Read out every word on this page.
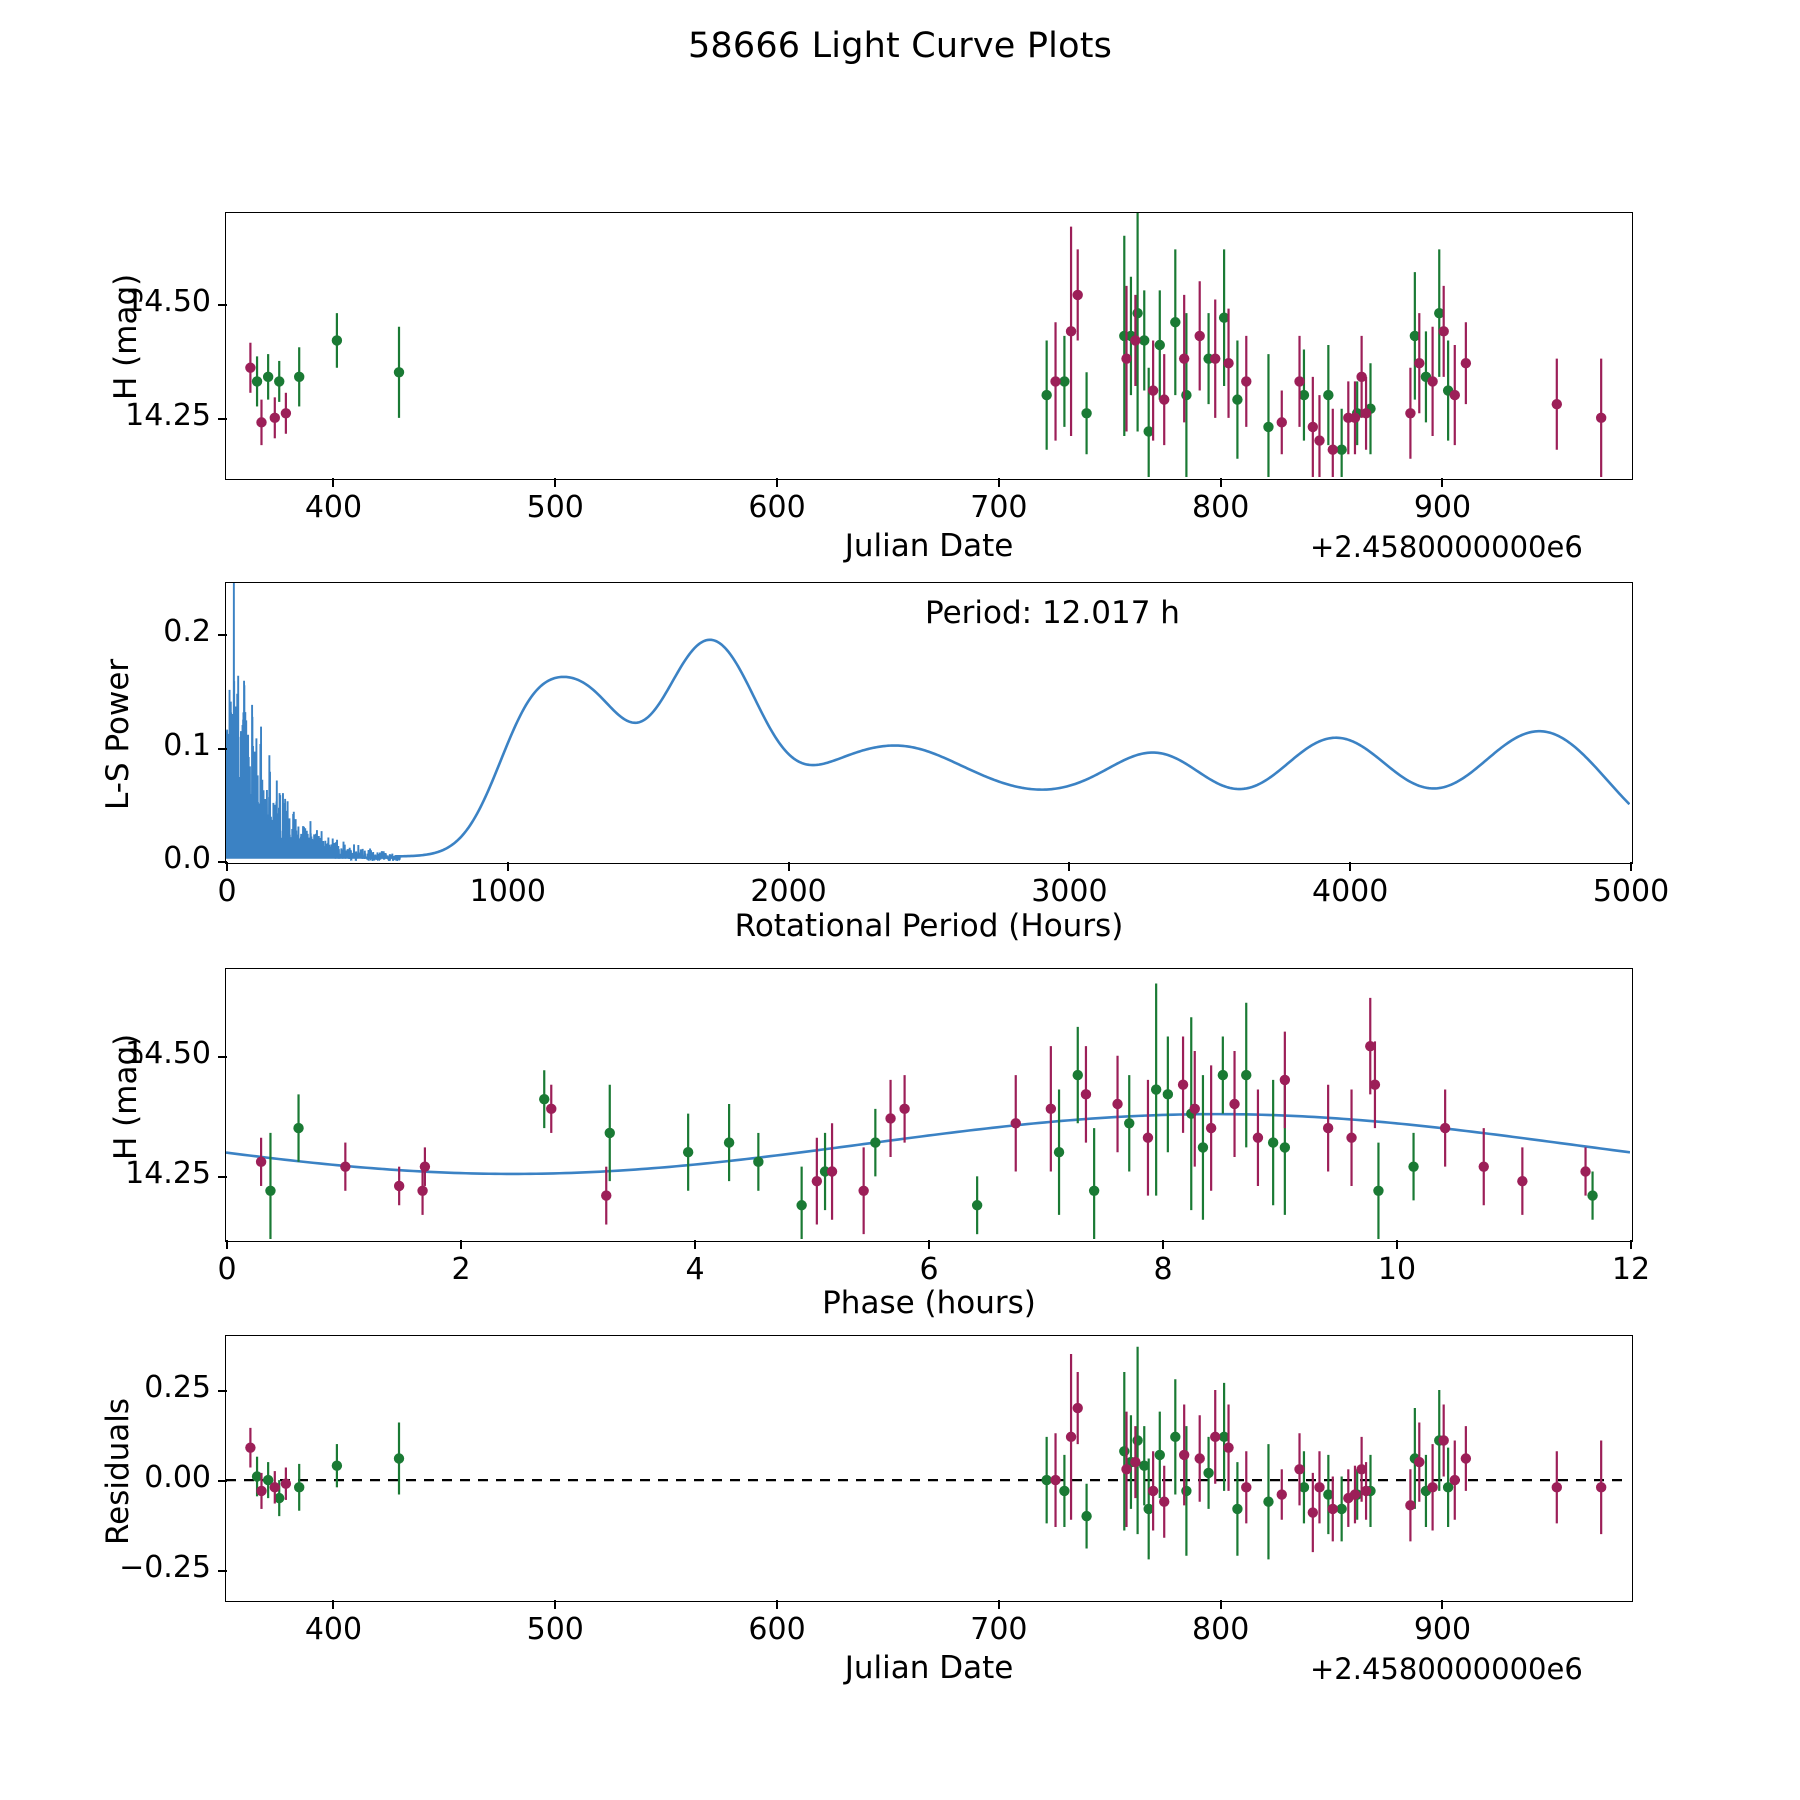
58666 Light Curve Plots
H (mag)
Julian Date	+2.4580000000e6
L-S Power
Rotational Period (Hours)
Period: 12.017 h
H (mag)
Phase (hours)
Residuals
Julian Date	+2.4580000000e6
400	500	600	700	800	900
14.25
14.50
0	2	4	6	8	10	12
14.25
14.50
400	500	600	700	800	900
−0.25
0.00
0.25
0	1000	2000	3000	4000	5000
0.0
0.1
0.2
